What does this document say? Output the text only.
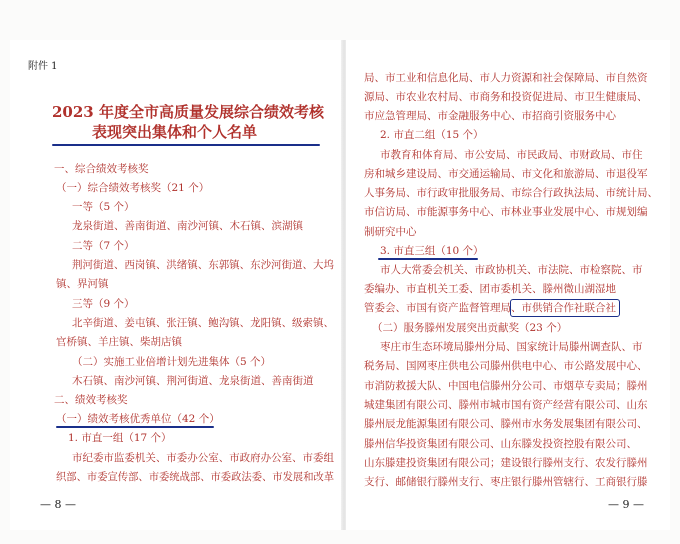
附件 1
2023 年度全市高质量发展综合绩效考核
表现突出集体和个人名单
一、综合绩效考核奖
（一）综合绩效考核奖（21 个）
一等（5 个）
龙泉街道、善南街道、南沙河镇、木石镇、滨湖镇
二等（7 个）
荆河街道、西岗镇、洪绪镇、东郭镇、东沙河街道、大坞
镇、界河镇
三等（9 个）
北辛街道、姜屯镇、张汪镇、鲍沟镇、龙阳镇、级索镇、
官桥镇、羊庄镇、柴胡店镇
（二）实施工业倍增计划先进集体（5 个）
木石镇、南沙河镇、荆河街道、龙泉街道、善南街道
二、绩效考核奖
（一）绩效考核优秀单位（42 个）
1. 市直一组（17 个）
市纪委市监委机关、市委办公室、市政府办公室、市委组
织部、市委宣传部、市委统战部、市委政法委、市发展和改革
— 8 —
局、市工业和信息化局、市人力资源和社会保障局、市自然资
源局、市农业农村局、市商务和投资促进局、市卫生健康局、
市应急管理局、市金融服务中心、市招商引资服务中心
2. 市直二组（15 个）
市教育和体育局、市公安局、市民政局、市财政局、市住
房和城乡建设局、市交通运输局、市文化和旅游局、市退役军
人事务局、市行政审批服务局、市综合行政执法局、市统计局、
市信访局、市能源事务中心、市林业事业发展中心、市规划编
制研究中心
3. 市直三组（10 个）
市人大常委会机关、市政协机关、市法院、市检察院、市
委编办、市直机关工委、团市委机关、滕州微山湖湿地
管委会、市国有资产监督管理局、市供销合作社联合社
（二）服务滕州发展突出贡献奖（23 个）
枣庄市生态环境局滕州分局、国家统计局滕州调查队、市
税务局、国网枣庄供电公司滕州供电中心、市公路发展中心、
市消防救援大队、中国电信滕州分公司、市烟草专卖局；滕州
城建集团有限公司、滕州市城市国有资产经营有限公司、山东
滕州辰龙能源集团有限公司、滕州市水务发展集团有限公司、
滕州信华投资集团有限公司、山东滕发投资控股有限公司、
山东滕建投资集团有限公司；建设银行滕州支行、农发行滕州
支行、邮储银行滕州支行、枣庄银行滕州管辖行、工商银行滕
— 9 —
